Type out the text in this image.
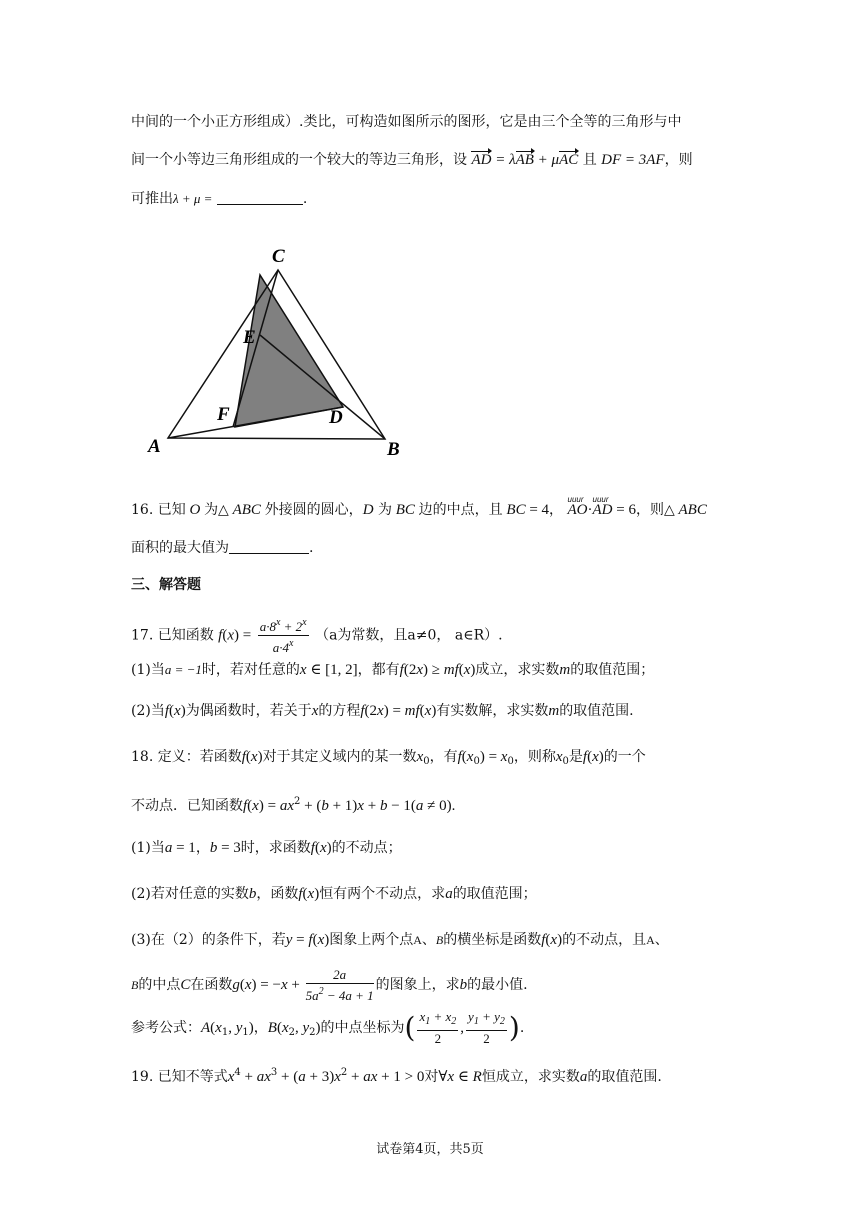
中间的一个小正方形组成）.类比，可构造如图所示的图形，它是由三个全等的三角形与中
间一个小等边三角形组成的一个较大的等边三角形，设 AD = λAB + μAC 且 DF = 3AF，则
可推出λ + μ =	.
C
E
F	D
A	B
16. 已知 O 为△ ABC 外接圆的圆心，D 为 BC 边的中点，且 BC = 4，
uuur
AO·
uuur
AD = 6，则△ ABC
面积的最大值为	.
三、解答题
17. 已知函数 $f(x) = \frac{a\cdot 8^x + 2^x}{a\cdot 4^x} (a$为常数，且a≠0， a∈R）.
(1)当a = −1时，若对任意的x ∈ [1, 2]，都有f(2x) ≥ mf(x)成立，求实数m的取值范围；
(2)当f(x)为偶函数时，若关于x的方程f(2x) = mf(x)有实数解，求实数m的取值范围.
18. 定义：若函数f(x)对于其定义域内的某一数$x_0$，有$f(x_0) = x_0$，则称$x_0$是f(x)的一个
不动点．已知函数$f(x) = ax^2 + (b + 1)x + b - 1(a \ne 0)$.
(1)当a = 1，b = 3时，求函数f(x)的不动点；
(2)若对任意的实数b，函数f(x)恒有两个不动点，求a的取值范围；
(3)在（2）的条件下，若y = f(x)图象上两个点A、B的横坐标是函数f(x)的不动点，且A、
B的中点C在函数$g(x) = -x + \frac{2a}{5a^2 - 4a + 1}$ 的图象上，求b的最小值.
参考公式：$A(x_1$, $y_1$)，$B(x_2$, $y_2$)的中点坐标为( $\frac{x_1 + x_2}{2}$ , $\frac{y_1 + y_2}{2}$ ).
19. 已知不等式$x^4 + ax^3 + (a + 3)x^2$ + ax + 1 > 0对∀x ∈ R恒成立，求实数a的取值范围.
试卷第4页，共5页
